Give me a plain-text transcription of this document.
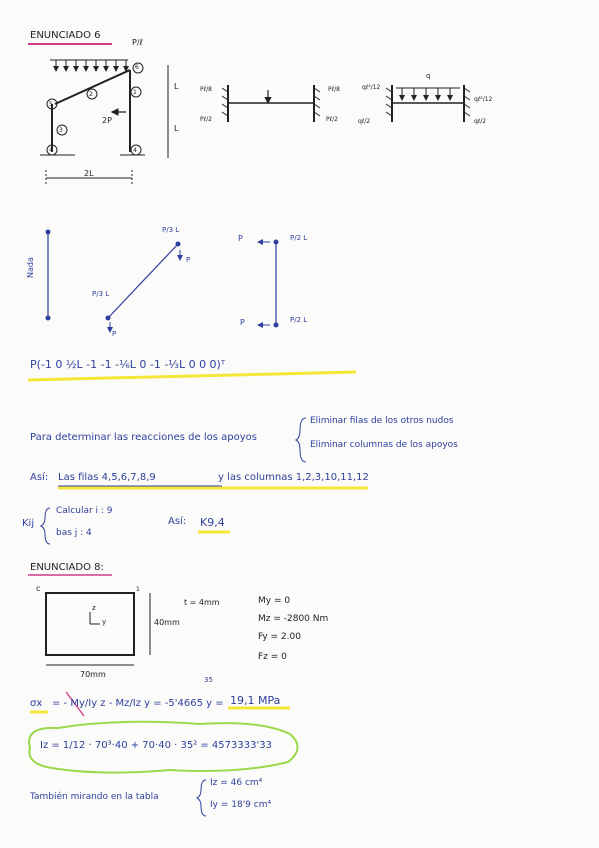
ENUNCIADO 6
P/ℓ
6
5
4	4
2	1
3
2P
L
L
2L
Pℓ/8
Pℓ/2
Pℓ/8
Pℓ/2
q
qℓ²/12
qℓ/2
qℓ²/12
qℓ/2
Nada
P/3 L
P
P/3 L
P
P	P/2 L
P	P/2 L
P(-1 0 ½L -1 -1 -⅙L 0 -1 -⅓L 0 0 0)ᵀ
Para determinar las reacciones de los apoyos
Eliminar filas de los otros nudos
Eliminar columnas de los apoyos
Así: Las filas 4,5,6,7,8,9	y las columnas 1,2,3,10,11,12
Kij
Calcular i : 9
bas j : 4
Así: K9,4
ENUNCIADO 8:
c	1
z
y
t = 4mm
40mm
70mm
My = 0
Mz = -2800 Nm
Fy = 2.00
Fz = 0
35
σx = - My/Iy z - Mz/Iz y = -5'4665 y = 19,1 MPa
Iz = 1/12 · 70³·40 + 70·40 · 35² = 4573333'33
También mirando en la tabla
Iz = 46 cm⁴
Iy = 18'9 cm⁴
